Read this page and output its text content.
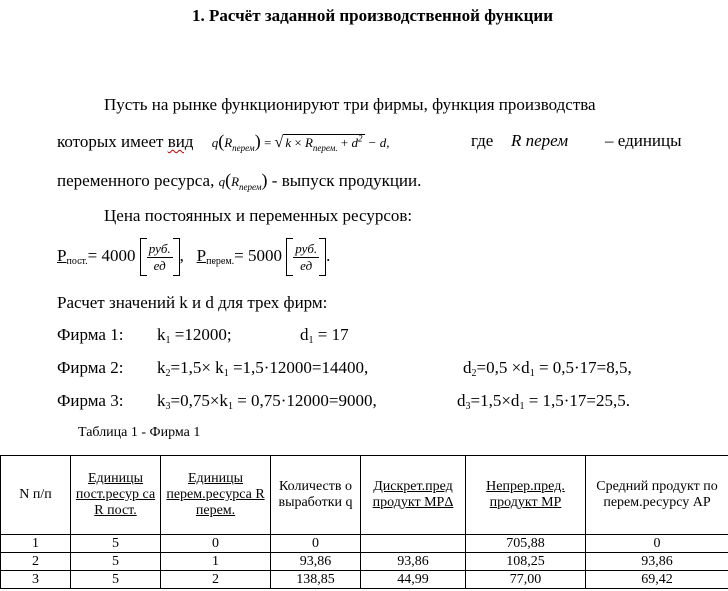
1. Расчёт заданной производственной функции
Пусть на рынке функционируют три фирмы, функция производства
которых имеет вид $q(R_{перем})$ = √ $k \times R_{перем.} + d^2 - d$,	где R перем – единицы
переменного ресурса, $q(R_{перем})$ - выпуск продукции.
Цена постоянных и переменных ресурсов:
Рпост.= $4000 \frac{\text{руб.}}{ед}$ , Рперем.= $5000 \frac{\text{руб.}}{ед}$ .
Расчет значений k и d для трех фирм:
Фирма 1: k1 =12000;	d1 = 17
Фирма 2: k2=1,5× k1 =1,5·12000=14400,	d2=0,5 ×d1 = 0,5·17=8,5,
Фирма 3: k3=0,75×k1 = 0,75·12000=9000,	d3=1,5×d1 = 1,5·17=25,5.
Таблица 1 - Фирма 1
N п/п	Единицы пост.ресур са R пост.	Единицы перем.ресурса R перем.	Количеств о выработки q	Дискрет.пред продукт MPΔ	Непрер.пред. продукт MP	Средний продукт по перем.ресурсу AP
1	5	0	0		705,88	0
2	5	1	93,86	93,86	108,25	93,86
3	5	2	138,85	44,99	77,00	69,42
